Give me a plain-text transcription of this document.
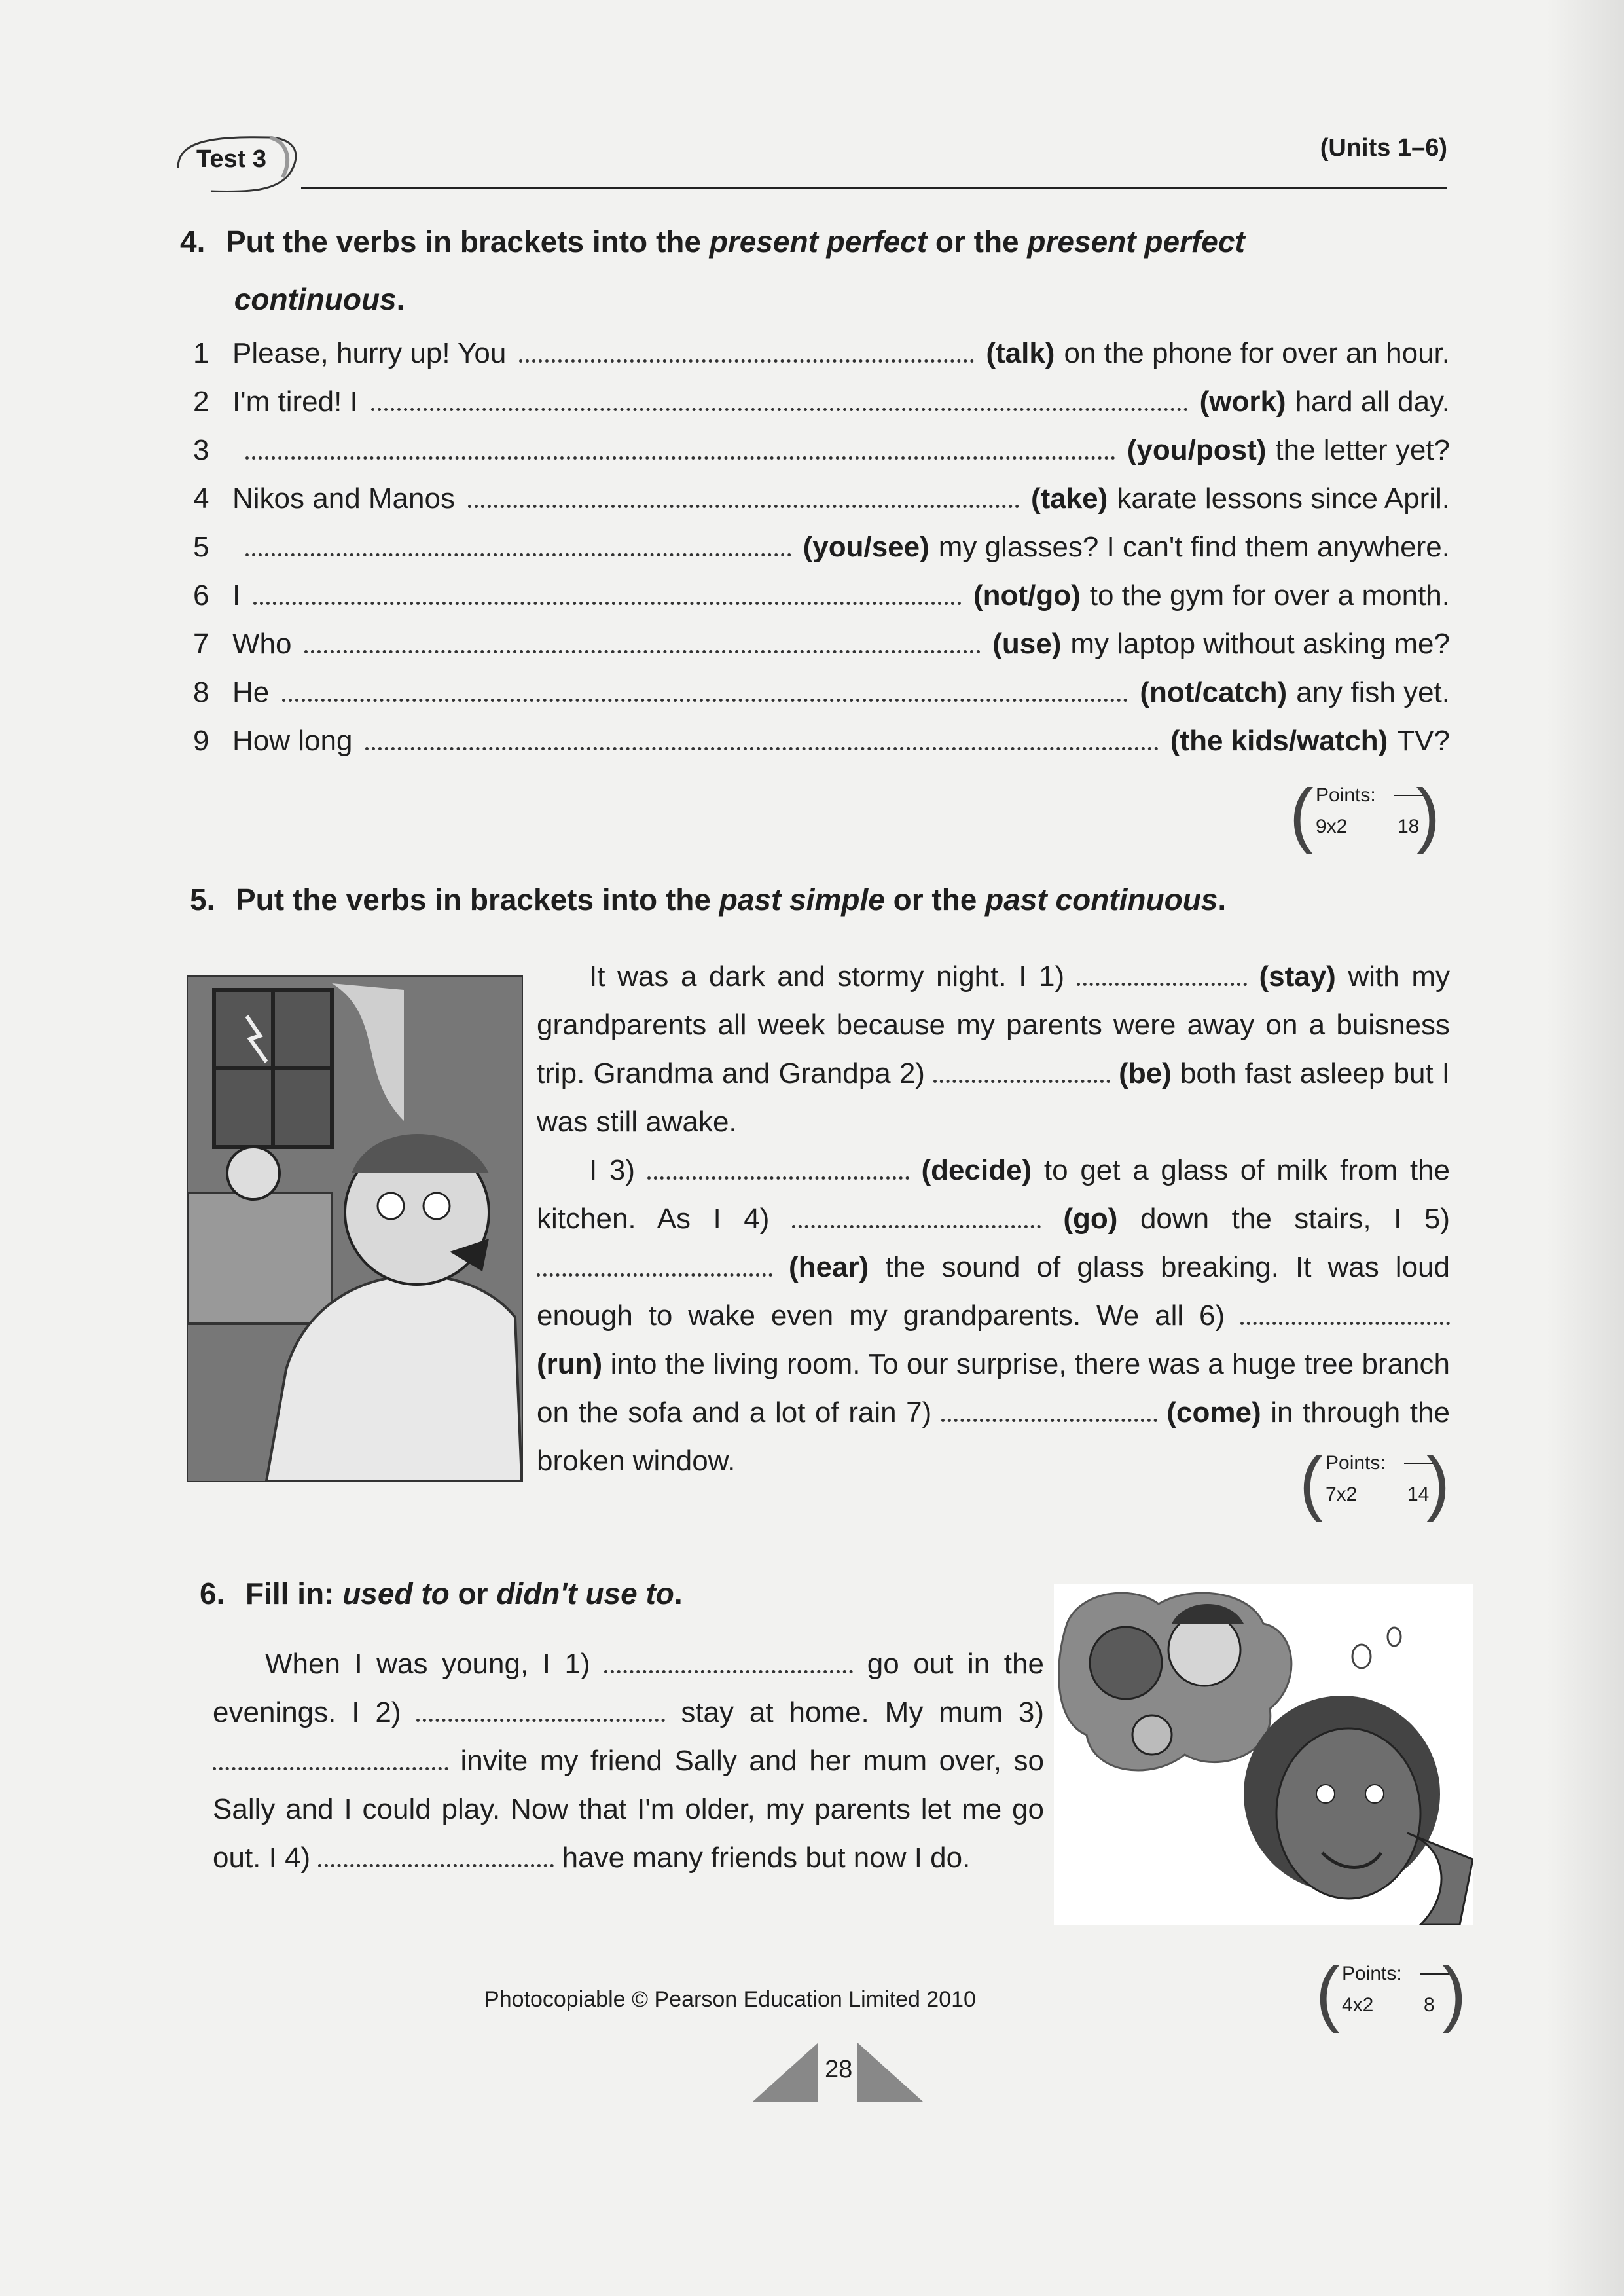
Test 3	(Units 1–6)
4. Put the verbs in brackets into the present perfect or the present perfect
continuous.
1 Please, hurry up! You	(talk) on the phone for over an hour.
2 I'm tired! I	(work) hard all day.
3	(you/post) the letter yet?
4 Nikos and Manos	(take) karate lessons since April.
5	(you/see) my glasses? I can't find them anywhere.
6 I	(not/go) to the gym for over a month.
7 Who	(use) my laptop without asking me?
8 He	(not/catch) any fish yet.
9 How long	(the kids/watch) TV?
( Points:
9x2	18
)
5. Put the verbs in brackets into the past simple or the past continuous.

It was a dark and stormy night. I 1)	(stay) with my grandparents all week because my parents were away on a buisness trip. Grandma and Grandpa 2)	(be) both fast asleep but I was still awake.

I 3)	(decide) to get a glass of milk from the kitchen. As I 4)	(go) down the stairs, I 5)  (hear) the sound of glass breaking. It was loud enough to wake even my grandparents. We all 6)  (run) into the living room. To our surprise, there was a huge tree branch on the sofa and a lot of rain 7)	(come) in through the broken window.	( Points:
7x2	14
)
6. Fill in: used to or didn't use to.

When I was young, I 1)	go out in the evenings. I 2)	stay at home. My mum 3)  invite my friend Sally and her mum over, so Sally and I could play. Now that I'm older, my parents let me go out. I 4)	have many friends but now I do.

( Points:
4x2	8 )
Photocopiable © Pearson Education Limited 2010
28
